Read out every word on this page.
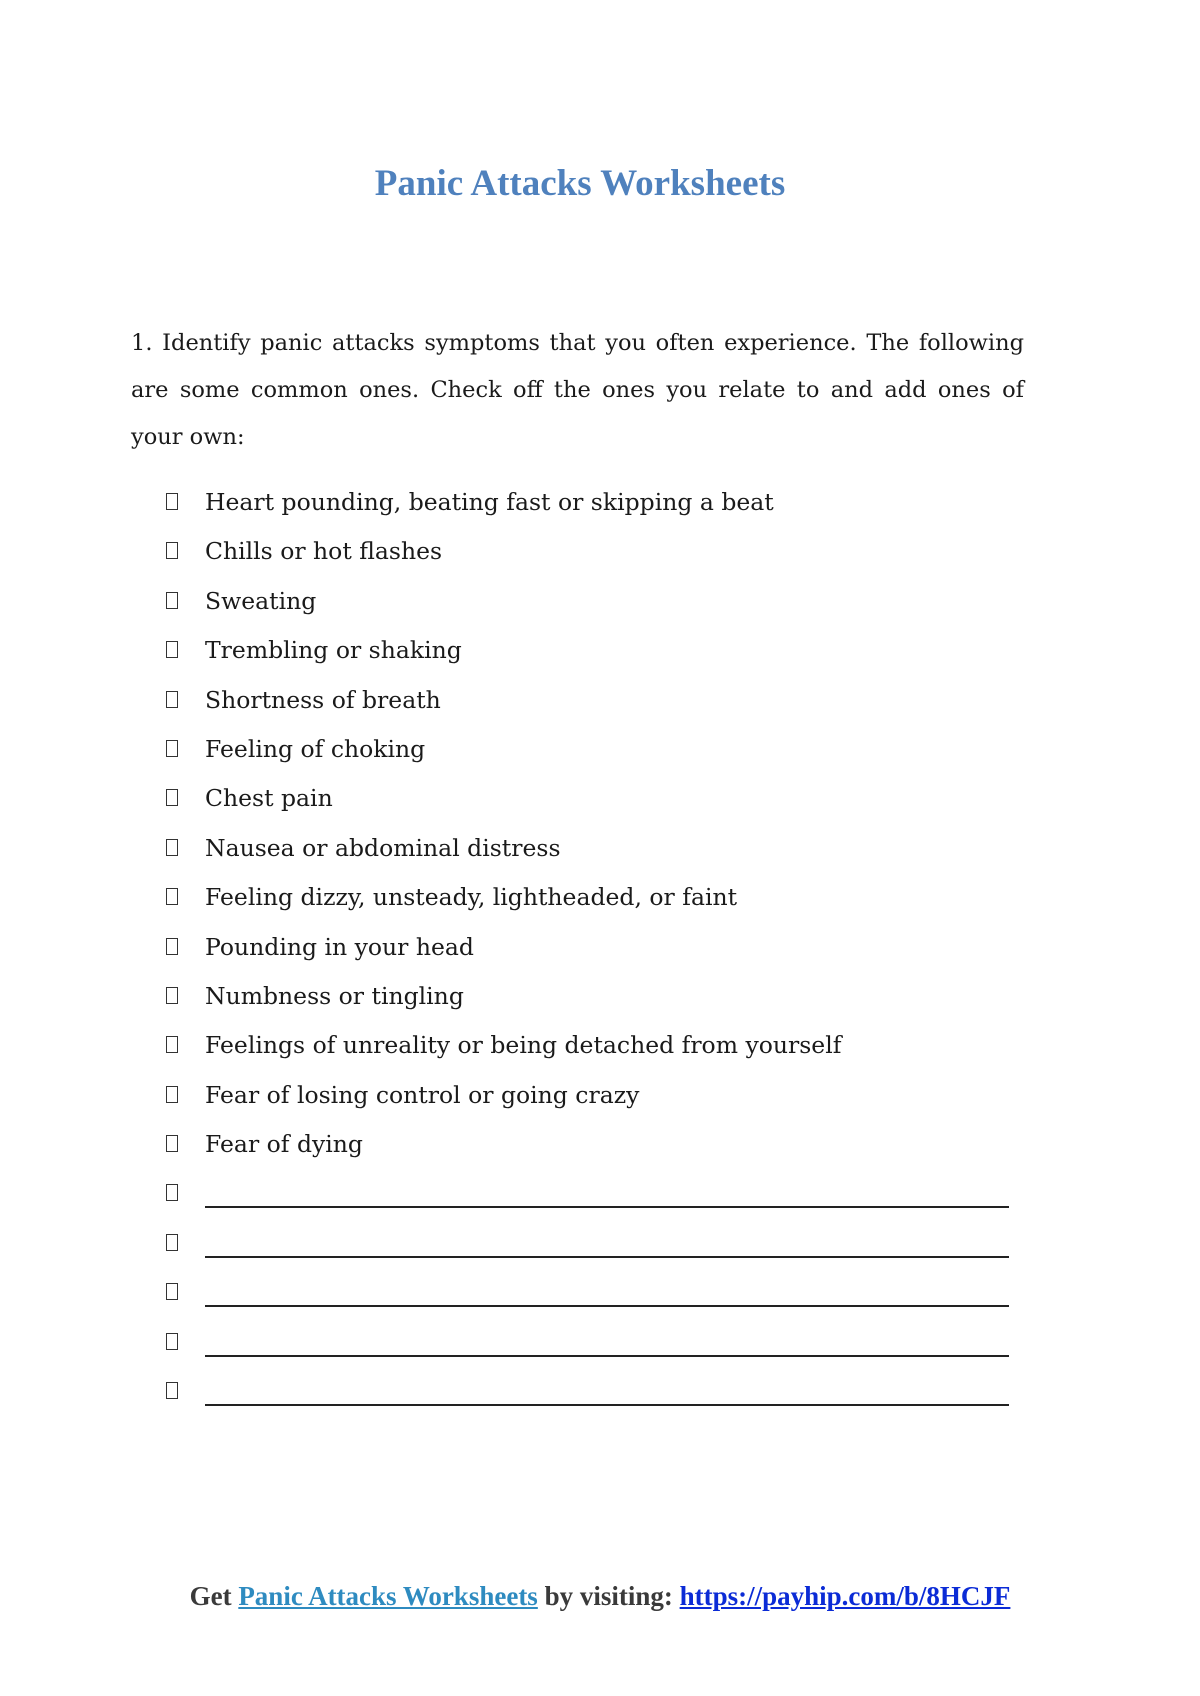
Panic Attacks Worksheets

1. Identify panic attacks symptoms that you often experience. The following are some common ones. Check off the ones you relate to and add ones of your own:

Heart pounding, beating fast or skipping a beat
Chills or hot flashes
Sweating
Trembling or shaking
Shortness of breath
Feeling of choking
Chest pain
Nausea or abdominal distress
Feeling dizzy, unsteady, lightheaded, or faint
Pounding in your head
Numbness or tingling
Feelings of unreality or being detached from yourself
Fear of losing control or going crazy
Fear of dying
Get Panic Attacks Worksheets by visiting: https://payhip.com/b/8HCJF
